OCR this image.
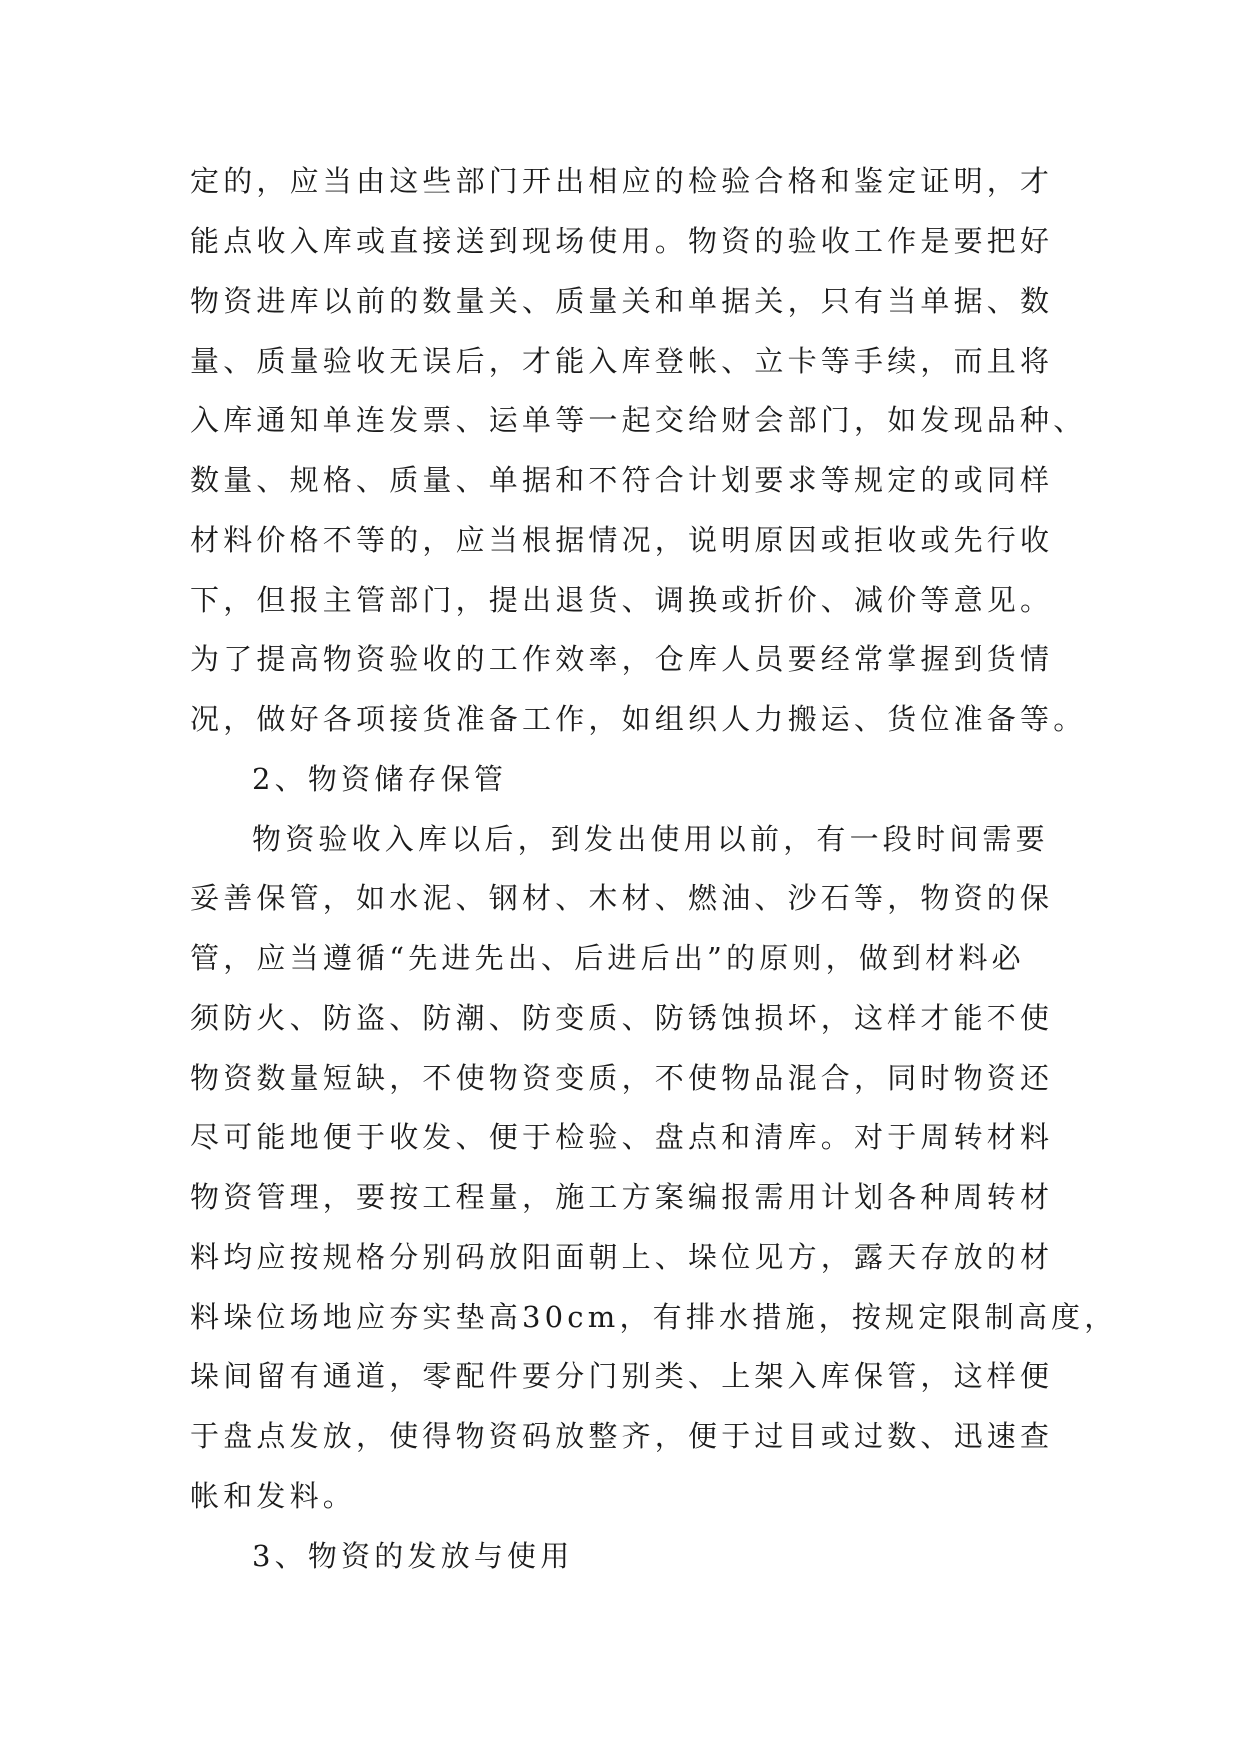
定的，应当由这些部门开出相应的检验合格和鉴定证明，才
能点收入库或直接送到现场使用。物资的验收工作是要把好
物资进库以前的数量关、质量关和单据关，只有当单据、数
量、质量验收无误后，才能入库登帐、立卡等手续，而且将
入库通知单连发票、运单等一起交给财会部门，如发现品种、
数量、规格、质量、单据和不符合计划要求等规定的或同样
材料价格不等的，应当根据情况，说明原因或拒收或先行收
下，但报主管部门，提出退货、调换或折价、减价等意见。
为了提高物资验收的工作效率，仓库人员要经常掌握到货情
况，做好各项接货准备工作，如组织人力搬运、货位准备等。
2、物资储存保管
物资验收入库以后，到发出使用以前，有一段时间需要
妥善保管，如水泥、钢材、木材、燃油、沙石等，物资的保
管，应当遵循“先进先出、后进后出”的原则，做到材料必
须防火、防盗、防潮、防变质、防锈蚀损坏，这样才能不使
物资数量短缺，不使物资变质，不使物品混合，同时物资还
尽可能地便于收发、便于检验、盘点和清库。对于周转材料
物资管理，要按工程量，施工方案编报需用计划各种周转材
料均应按规格分别码放阳面朝上、垛位见方，露天存放的材
料垛位场地应夯实垫高30cm，有排水措施，按规定限制高度，
垛间留有通道，零配件要分门别类、上架入库保管，这样便
于盘点发放，使得物资码放整齐，便于过目或过数、迅速查
帐和发料。
3、物资的发放与使用
